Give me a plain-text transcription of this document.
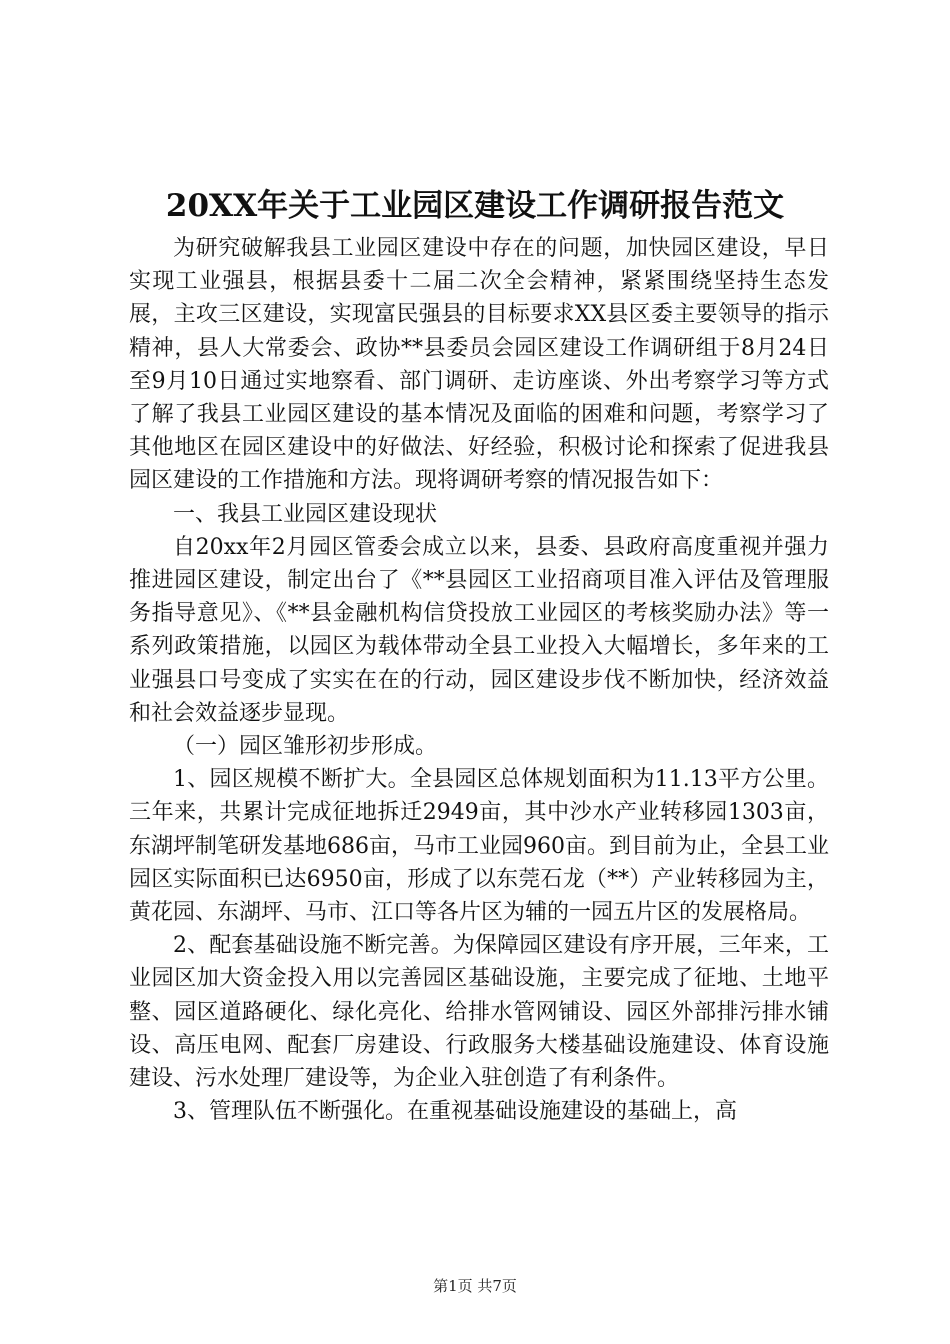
20XX年关于工业园区建设工作调研报告范文

为研究破解我县工业园区建设中存在的问题，加快园区建设，早日实现工业强县，根据县委十二届二次全会精神，紧紧围绕坚持生态发展，主攻三区建设，实现富民强县的目标要求XX县区委主要领导的指示精神，县人大常委会、政协**县委员会园区建设工作调研组于8月24日至9月10日通过实地察看、部门调研、走访座谈、外出考察学习等方式了解了我县工业园区建设的基本情况及面临的困难和问题，考察学习了其他地区在园区建设中的好做法、好经验，积极讨论和探索了促进我县园区建设的工作措施和方法。现将调研考察的情况报告如下：

一、我县工业园区建设现状

自20xx年2月园区管委会成立以来，县委、县政府高度重视并强力推进园区建设，制定出台了《**县园区工业招商项目准入评估及管理服务指导意见》、《**县金融机构信贷投放工业园区的考核奖励办法》等一系列政策措施，以园区为载体带动全县工业投入大幅增长，多年来的工业强县口号变成了实实在在的行动，园区建设步伐不断加快，经济效益和社会效益逐步显现。

（一）园区雏形初步形成。

1、园区规模不断扩大。全县园区总体规划面积为11.13平方公里。三年来，共累计完成征地拆迁2949亩，其中沙水产业转移园1303亩，东湖坪制笔研发基地686亩，马市工业园960亩。到目前为止，全县工业园区实际面积已达6950亩，形成了以东莞石龙（**）产业转移园为主，黄花园、东湖坪、马市、江口等各片区为辅的一园五片区的发展格局。

2、配套基础设施不断完善。为保障园区建设有序开展，三年来，工业园区加大资金投入用以完善园区基础设施，主要完成了征地、土地平整、园区道路硬化、绿化亮化、给排水管网铺设、园区外部排污排水铺设、高压电网、配套厂房建设、行政服务大楼基础设施建设、体育设施建设、污水处理厂建设等，为企业入驻创造了有利条件。

3、管理队伍不断强化。在重视基础设施建设的基础上，高

第1页 共7页
